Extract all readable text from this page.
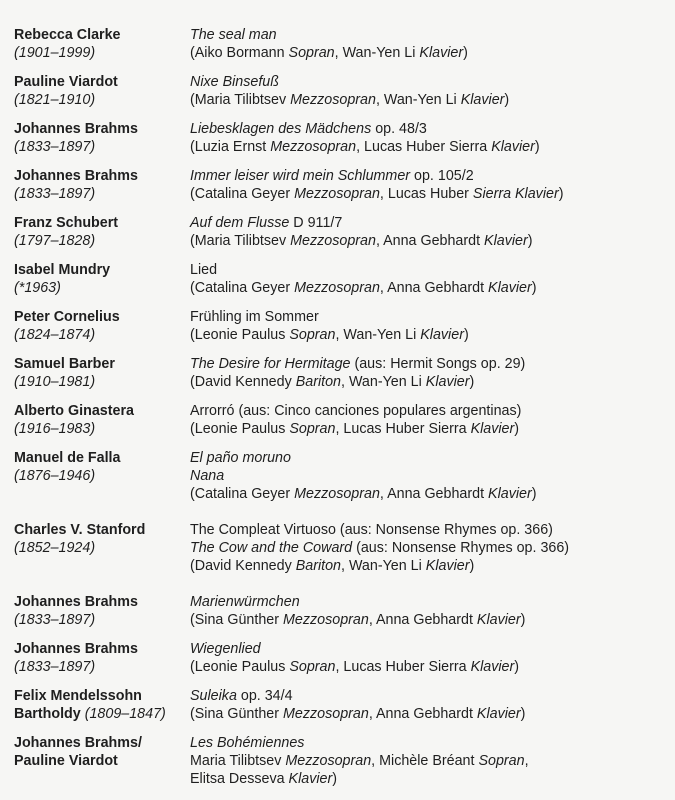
Rebecca Clarke
(1901–1999)
The seal man
(Aiko Bormann Sopran, Wan-Yen Li Klavier)
Pauline Viardot
(1821–1910)
Nixe Binsefuß
(Maria Tilibtsev Mezzosopran, Wan-Yen Li Klavier)
Johannes Brahms
(1833–1897)
Liebesklagen des Mädchens op. 48/3
(Luzia Ernst Mezzosopran, Lucas Huber Sierra Klavier)
Johannes Brahms
(1833–1897)
Immer leiser wird mein Schlummer op. 105/2
(Catalina Geyer Mezzosopran, Lucas Huber Sierra Klavier)
Franz Schubert
(1797–1828)
Auf dem Flusse D 911/7
(Maria Tilibtsev Mezzosopran, Anna Gebhardt Klavier)
Isabel Mundry
(*1963)
Lied
(Catalina Geyer Mezzosopran, Anna Gebhardt Klavier)
Peter Cornelius
(1824–1874)
Frühling im Sommer
(Leonie Paulus Sopran, Wan-Yen Li Klavier)
Samuel Barber
(1910–1981)
The Desire for Hermitage (aus: Hermit Songs op. 29)
(David Kennedy Bariton, Wan-Yen Li Klavier)
Alberto Ginastera
(1916–1983)
Arrorró (aus: Cinco canciones populares argentinas)
(Leonie Paulus Sopran, Lucas Huber Sierra Klavier)
Manuel de Falla
(1876–1946)
El paño moruno
Nana
(Catalina Geyer Mezzosopran, Anna Gebhardt Klavier)
Charles V. Stanford
(1852–1924)
The Compleat Virtuoso (aus: Nonsense Rhymes op. 366)
The Cow and the Coward (aus: Nonsense Rhymes op. 366)
(David Kennedy Bariton, Wan-Yen Li Klavier)
Johannes Brahms
(1833–1897)
Marienwürmchen
(Sina Günther Mezzosopran, Anna Gebhardt Klavier)
Johannes Brahms
(1833–1897)
Wiegenlied
(Leonie Paulus Sopran, Lucas Huber Sierra Klavier)
Felix Mendelssohn
Bartholdy (1809–1847)
Suleika op. 34/4
(Sina Günther Mezzosopran, Anna Gebhardt Klavier)
Johannes Brahms/
Pauline Viardot
Les Bohémiennes
Maria Tilibtsev Mezzosopran, Michèle Bréant Sopran,
Elitsa Desseva Klavier)
